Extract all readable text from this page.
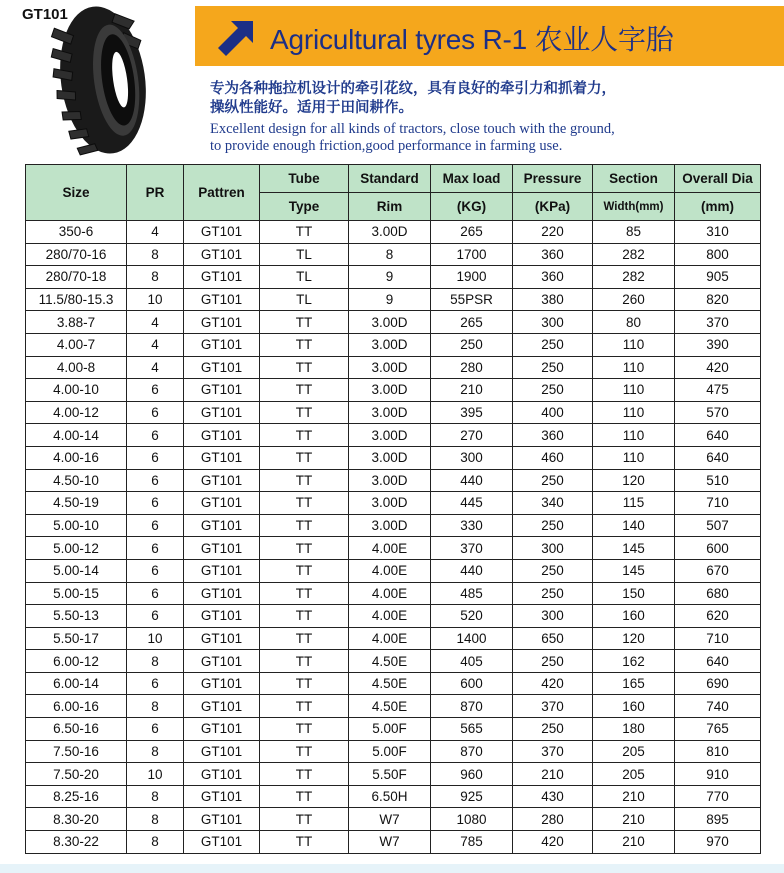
GT101
Agricultural tyres R-1 农业人字胎
专为各种拖拉机设计的牵引花纹，具有良好的牵引力和抓着力，
操纵性能好。适用于田间耕作。
Excellent design for all kinds of tractors, close touch with the ground,
to provide enough friction,good performance in farming use.
Size	PR	Pattren	Tube	Standard	Max load	Pressure	Section	Overall Dia
			Type	Rim	(KG)	(KPa)	Width(mm)	(mm)
350-6	4	GT101	TT	3.00D	265	220	85	310
280/70-16	8	GT101	TL	8	1700	360	282	800
280/70-18	8	GT101	TL	9	1900	360	282	905
11.5/80-15.3	10	GT101	TL	9	55PSR	380	260	820
3.88-7	4	GT101	TT	3.00D	265	300	80	370
4.00-7	4	GT101	TT	3.00D	250	250	110	390
4.00-8	4	GT101	TT	3.00D	280	250	110	420
4.00-10	6	GT101	TT	3.00D	210	250	110	475
4.00-12	6	GT101	TT	3.00D	395	400	110	570
4.00-14	6	GT101	TT	3.00D	270	360	110	640
4.00-16	6	GT101	TT	3.00D	300	460	110	640
4.50-10	6	GT101	TT	3.00D	440	250	120	510
4.50-19	6	GT101	TT	3.00D	445	340	115	710
5.00-10	6	GT101	TT	3.00D	330	250	140	507
5.00-12	6	GT101	TT	4.00E	370	300	145	600
5.00-14	6	GT101	TT	4.00E	440	250	145	670
5.00-15	6	GT101	TT	4.00E	485	250	150	680
5.50-13	6	GT101	TT	4.00E	520	300	160	620
5.50-17	10	GT101	TT	4.00E	1400	650	120	710
6.00-12	8	GT101	TT	4.50E	405	250	162	640
6.00-14	6	GT101	TT	4.50E	600	420	165	690
6.00-16	8	GT101	TT	4.50E	870	370	160	740
6.50-16	6	GT101	TT	5.00F	565	250	180	765
7.50-16	8	GT101	TT	5.00F	870	370	205	810
7.50-20	10	GT101	TT	5.50F	960	210	205	910
8.25-16	8	GT101	TT	6.50H	925	430	210	770
8.30-20	8	GT101	TT	W7	1080	280	210	895
8.30-22	8	GT101	TT	W7	785	420	210	970
